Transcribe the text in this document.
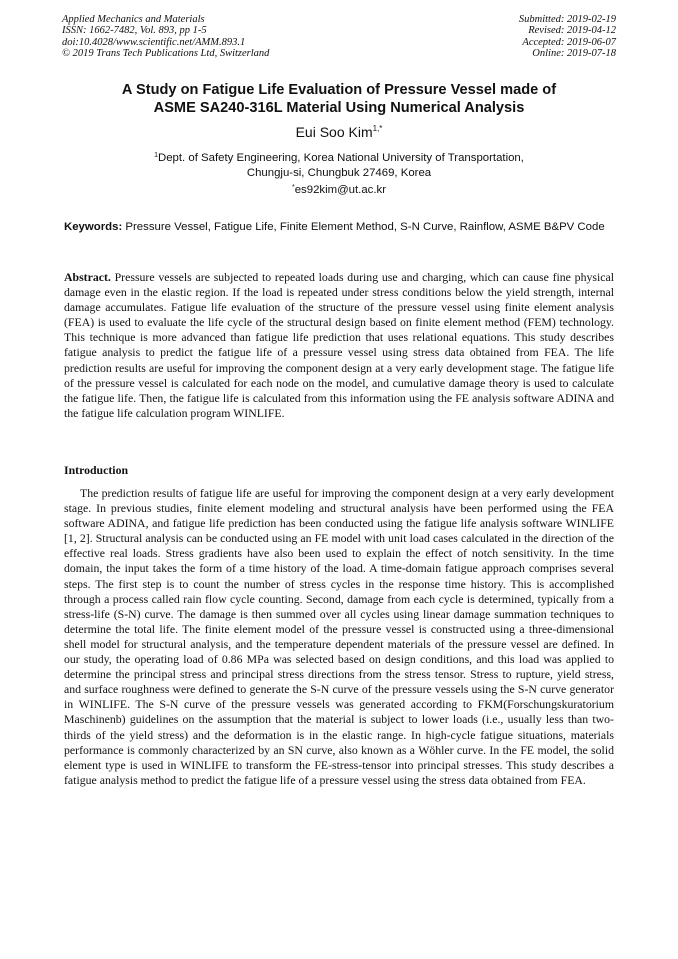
Applied Mechanics and Materials
ISSN: 1662-7482, Vol. 893, pp 1-5
doi:10.4028/www.scientific.net/AMM.893.1
© 2019 Trans Tech Publications Ltd, Switzerland
Submitted: 2019-02-19
Revised: 2019-04-12
Accepted: 2019-06-07
Online: 2019-07-18
A Study on Fatigue Life Evaluation of Pressure Vessel made of
ASME SA240-316L Material Using Numerical Analysis
Eui Soo Kim$^{1,*}$
$^1$Dept. of Safety Engineering, Korea National University of Transportation,
Chungju-si, Chungbuk 27469, Korea
*es92kim@ut.ac.kr
Keywords: Pressure Vessel, Fatigue Life, Finite Element Method, S-N Curve, Rainflow, ASME B&PV Code
Abstract. Pressure vessels are subjected to repeated loads during use and charging, which can cause fine physical damage even in the elastic region. If the load is repeated under stress conditions below the yield strength, internal damage accumulates. Fatigue life evaluation of the structure of the pressure vessel using finite element analysis (FEA) is used to evaluate the life cycle of the structural design based on finite element method (FEM) technology. This technique is more advanced than fatigue life prediction that uses relational equations. This study describes fatigue analysis to predict the fatigue life of a pressure vessel using stress data obtained from FEA. The life prediction results are useful for improving the component design at a very early development stage. The fatigue life of the pressure vessel is calculated for each node on the model, and cumulative damage theory is used to calculate the fatigue life. Then, the fatigue life is calculated from this information using the FE analysis software ADINA and the fatigue life calculation program WINLIFE.
Introduction
The prediction results of fatigue life are useful for improving the component design at a very early development stage. In previous studies, finite element modeling and structural analysis have been performed using the FEA software ADINA, and fatigue life prediction has been conducted using the fatigue life analysis software WINLIFE [1, 2]. Structural analysis can be conducted using an FE model with unit load cases calculated in the direction of the effective real loads. Stress gradients have also been used to explain the effect of notch sensitivity. In the time domain, the input takes the form of a time history of the load. A time-domain fatigue approach comprises several steps. The first step is to count the number of stress cycles in the response time history. This is accomplished through a process called rain flow cycle counting. Second, damage from each cycle is determined, typically from a stress-life (S-N) curve. The damage is then summed over all cycles using linear damage summation techniques to determine the total life. The finite element model of the pressure vessel is constructed using a three-dimensional shell model for structural analysis, and the temperature dependent materials of the pressure vessel are defined. In our study, the operating load of 0.86 MPa was selected based on design conditions, and this load was applied to determine the principal stress and principal stress directions from the stress tensor. Stress to rupture, yield stress, and surface roughness were defined to generate the S-N curve of the pressure vessels using the S-N curve generator in WINLIFE. The S-N curve of the pressure vessels was generated according to FKM(Forschungskuratorium Maschinenb) guidelines on the assumption that the material is subject to lower loads (i.e., usually less than two-thirds of the yield stress) and the deformation is in the elastic range. In high-cycle fatigue situations, materials performance is commonly characterized by an SN curve, also known as a Wöhler curve. In the FE model, the solid element type is used in WINLIFE to transform the FE-stress-tensor into principal stresses. This study describes a fatigue analysis method to predict the fatigue life of a pressure vessel using the stress data obtained from FEA.
